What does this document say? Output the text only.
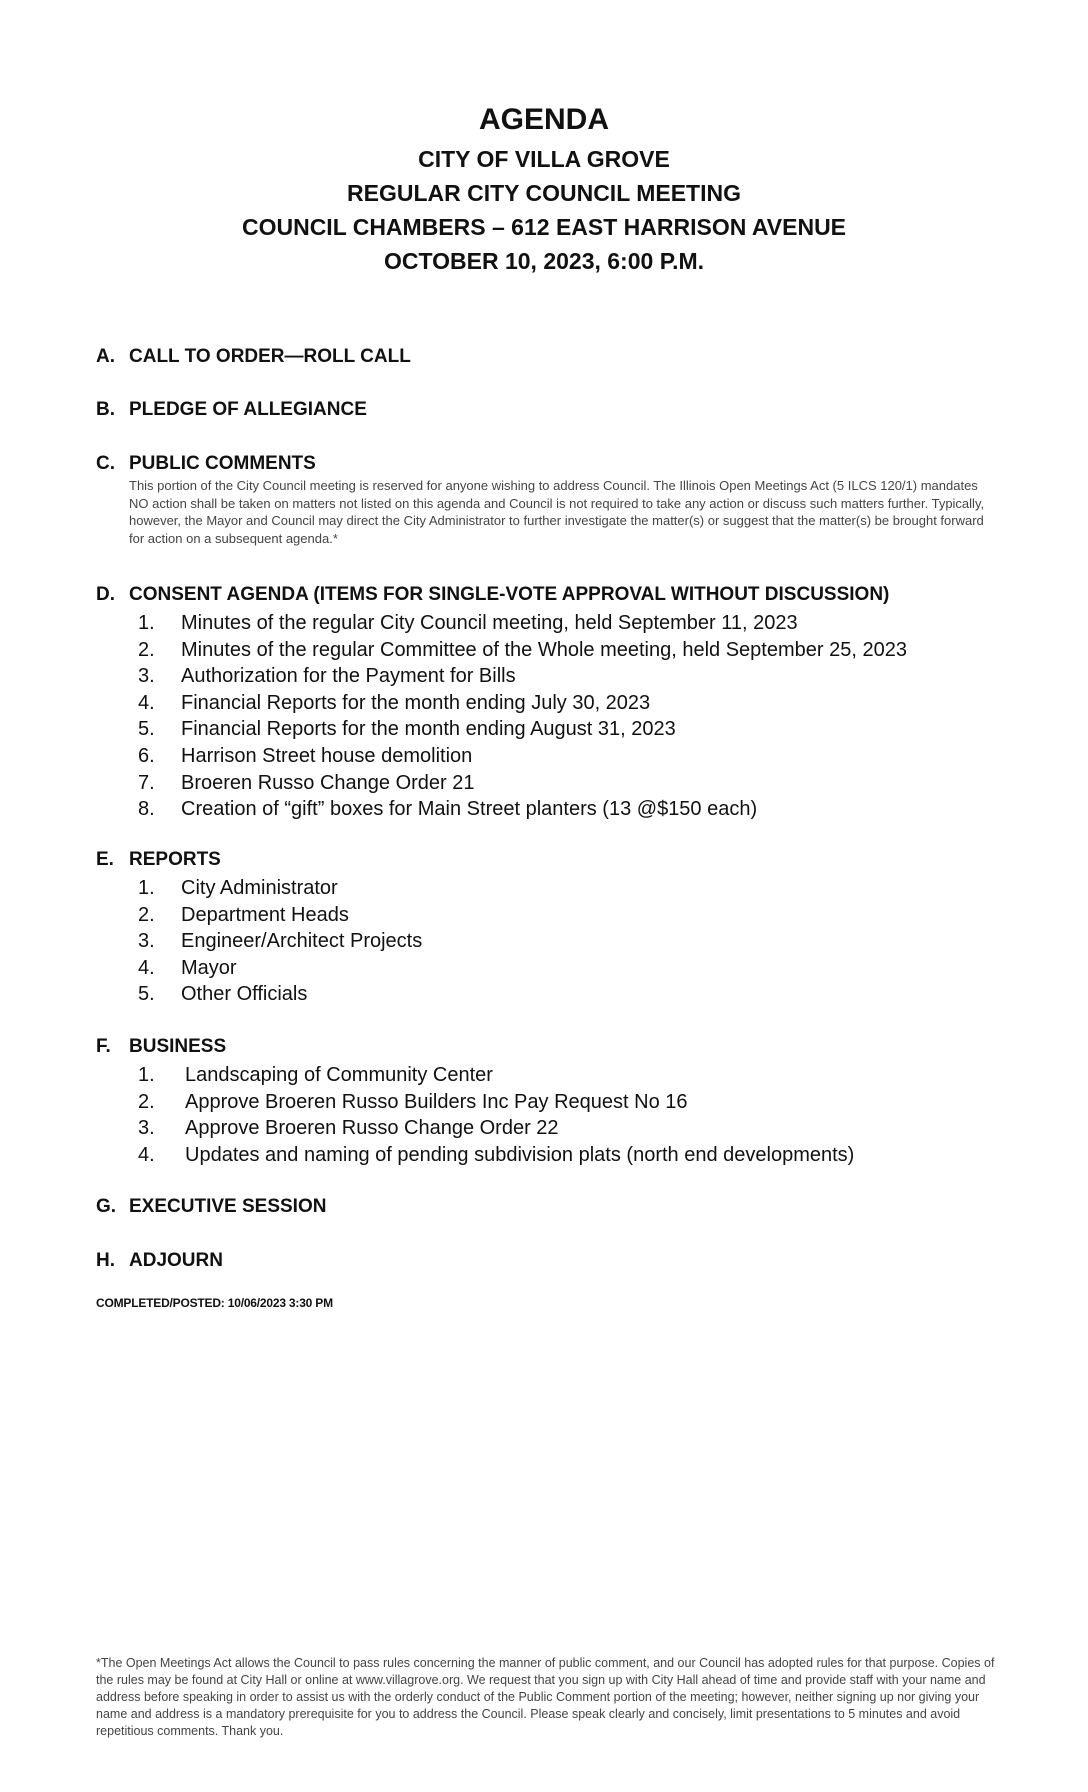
AGENDA
CITY OF VILLA GROVE
REGULAR CITY COUNCIL MEETING
COUNCIL CHAMBERS – 612 EAST HARRISON AVENUE
OCTOBER 10, 2023, 6:00 P.M.
A. CALL TO ORDER—ROLL CALL
B. PLEDGE OF ALLEGIANCE
C. PUBLIC COMMENTS
This portion of the City Council meeting is reserved for anyone wishing to address Council. The Illinois Open Meetings Act (5 ILCS 120/1) mandates NO action shall be taken on matters not listed on this agenda and Council is not required to take any action or discuss such matters further. Typically, however, the Mayor and Council may direct the City Administrator to further investigate the matter(s) or suggest that the matter(s) be brought forward for action on a subsequent agenda.*
D. CONSENT AGENDA (ITEMS FOR SINGLE-VOTE APPROVAL WITHOUT DISCUSSION)
1.	Minutes of the regular City Council meeting, held September 11, 2023
2.	Minutes of the regular Committee of the Whole meeting, held September 25, 2023
3.	Authorization for the Payment for Bills
4.	Financial Reports for the month ending July 30, 2023
5.	Financial Reports for the month ending August 31, 2023
6.	Harrison Street house demolition
7.	Broeren Russo Change Order 21
8.	Creation of “gift” boxes for Main Street planters (13 @$150 each)
E. REPORTS
1.	City Administrator
2.	Department Heads
3.	Engineer/Architect Projects
4.	Mayor
5.	Other Officials
F. BUSINESS
1.	Landscaping of Community Center
2.	Approve Broeren Russo Builders Inc Pay Request No 16
3.	Approve Broeren Russo Change Order 22
4.	Updates and naming of pending subdivision plats (north end developments)
G. EXECUTIVE SESSION
H. ADJOURN
COMPLETED/POSTED: 10/06/2023 3:30 PM
*The Open Meetings Act allows the Council to pass rules concerning the manner of public comment, and our Council has adopted rules for that purpose. Copies of the rules may be found at City Hall or online at www.villagrove.org. We request that you sign up with City Hall ahead of time and provide staff with your name and address before speaking in order to assist us with the orderly conduct of the Public Comment portion of the meeting; however, neither signing up nor giving your name and address is a mandatory prerequisite for you to address the Council. Please speak clearly and concisely, limit presentations to 5 minutes and avoid repetitious comments. Thank you.
